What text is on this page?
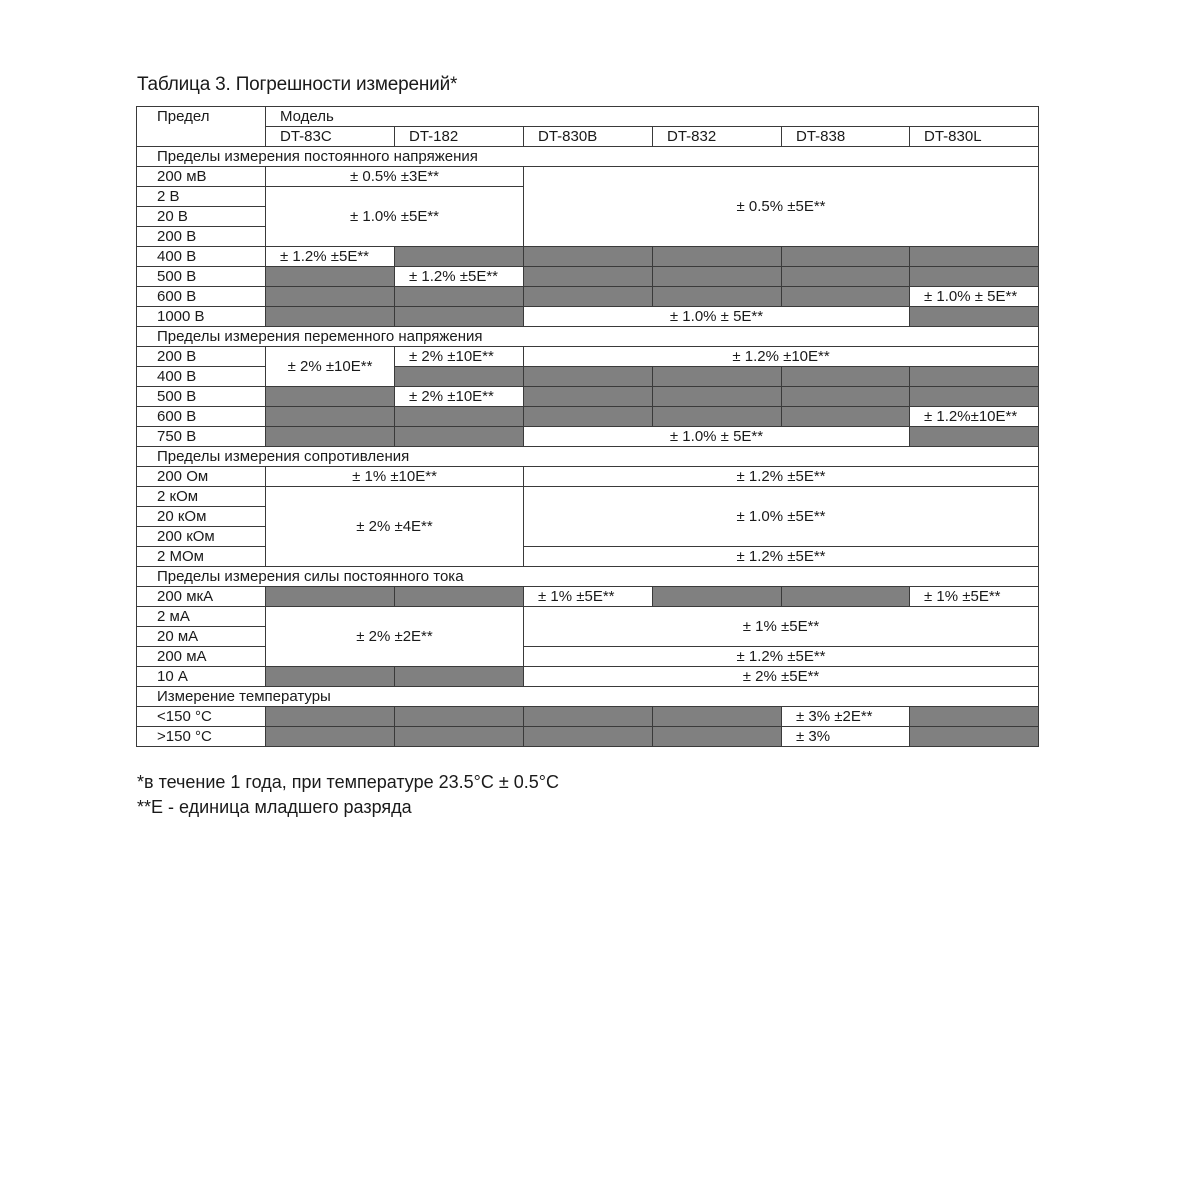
Таблица 3. Погрешности измерений*
Предел	Модель					
	DT-83C	DT-182	DT-830B	DT-832	DT-838	DT-830L
Пределы измерения постоянного напряжения						
200 мВ	± 0.5% ±3E**		± 0.5% ±5E**			
2 В	± 1.0% ±5E**					
20 В						
200 В						
400 В	± 1.2% ±5E**					
500 В		± 1.2% ±5E**				
600 В						± 1.0% ± 5E**
1000 В			± 1.0% ± 5E**			
Пределы измерения переменного напряжения						
200 В	± 2% ±10E**	± 2% ±10E**	± 1.2% ±10E**			
400 В						
500 В		± 2% ±10E**				
600 В						± 1.2%±10E**
750 В			± 1.0% ± 5E**			
Пределы измерения сопротивления						
200 Ом	± 1% ±10E**		± 1.2% ±5E**			
2 кОм	± 2% ±4E**		± 1.0% ±5E**			
20 кОм						
200 кОм						
2 МОм			± 1.2% ±5E**			
Пределы измерения силы постоянного тока						
200 мкА			± 1% ±5E**			± 1% ±5E**
2 мА	± 2% ±2E**		± 1% ±5E**			
20 мА						
200 мА			± 1.2% ±5E**			
10 А			± 2% ±5E**			
Измерение температуры						
<150 °C					± 3% ±2E**	
>150 °C					± 3%	
*в течение 1 года, при температуре 23.5°C ± 0.5°C
**E - единица младшего разряда
